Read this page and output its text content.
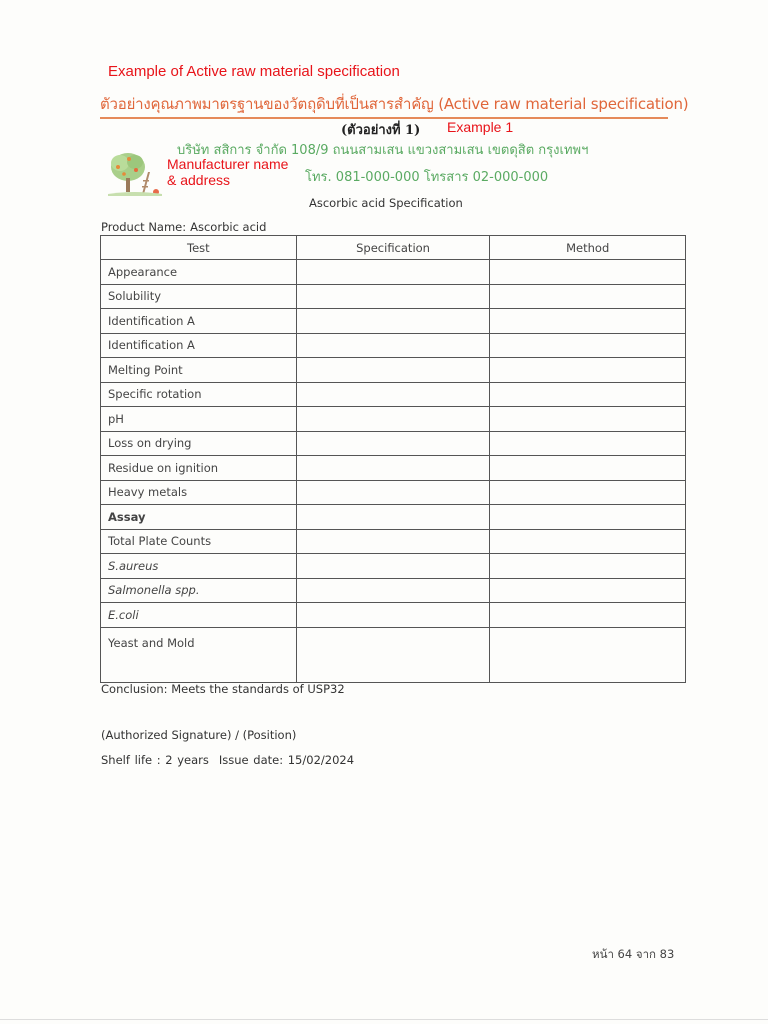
Example of Active raw material specification
ตัวอย่างคุณภาพมาตรฐานของวัตถุดิบที่เป็นสารสำคัญ (Active raw material specification)
(ตัวอย่างที่ 1) Example 1
บริษัท สสิการ จำกัด 108/9 ถนนสามเสน แขวงสามเสน เขตดุสิต กรุงเทพฯ
Manufacturer name
& address	โทร. 081-000-000 โทรสาร 02-000-000
Ascorbic acid Specification
Product Name: Ascorbic acid
Test	Specification	Method
Appearance		
Solubility		
Identification A		
Identification A		
Melting Point		
Specific rotation		
pH		
Loss on drying		
Residue on ignition		
Heavy metals		
Assay		
Total Plate Counts		
S.aureus		
Salmonella spp.		
E.coli		
Yeast and Mold		
Conclusion: Meets the standards of USP32
(Authorized Signature) / (Position)
Shelf life : 2 years Issue date: 15/02/2024
หน้า 64 จาก 83
